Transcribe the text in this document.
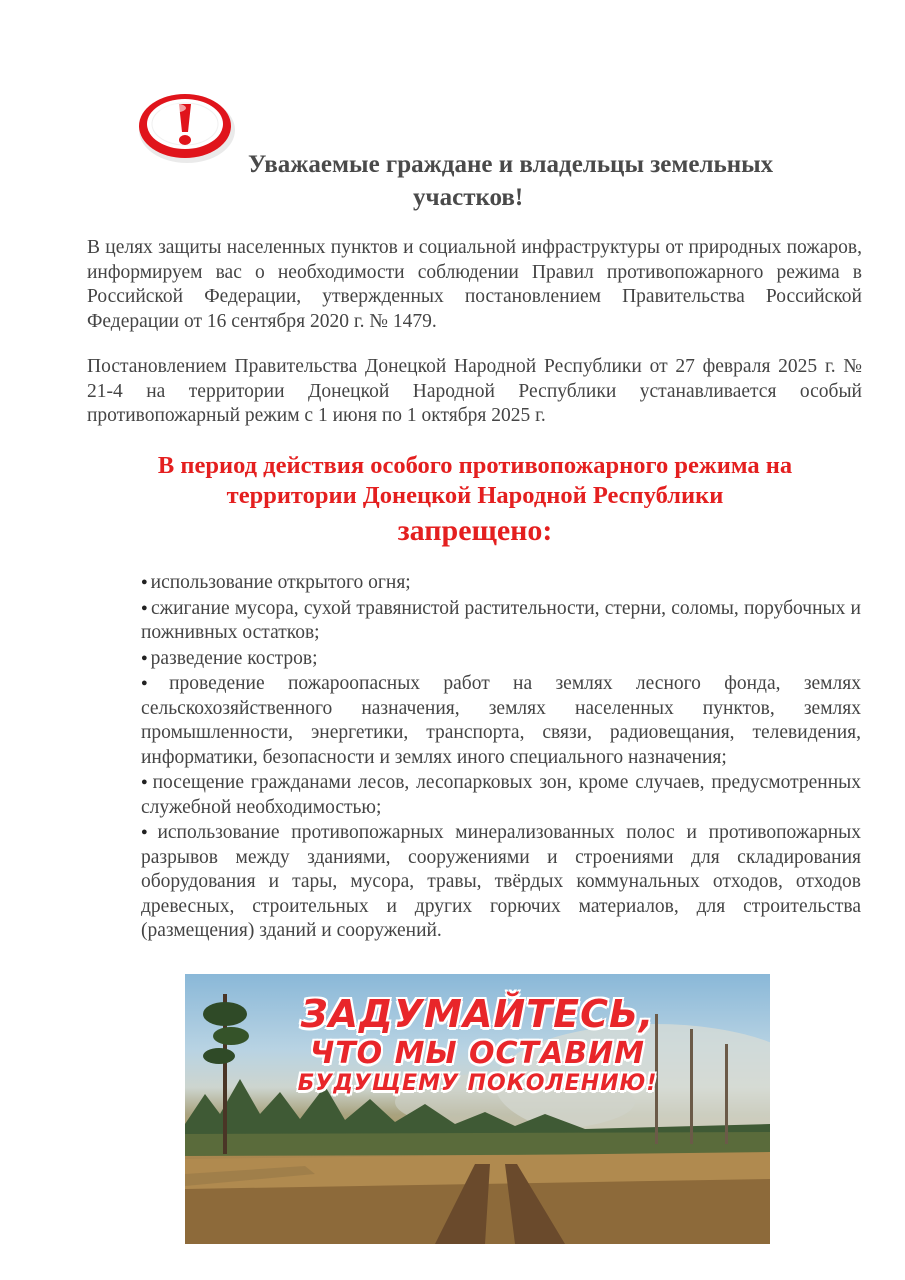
Уважаемые граждане и владельцы земельных
участков!
В целях защиты населенных пунктов и социальной инфраструктуры от природных пожаров, информируем вас о необходимости соблюдении Правил противопожарного режима в Российской Федерации, утвержденных постановлением Правительства Российской Федерации от 16 сентября 2020 г. № 1479.
Постановлением Правительства Донецкой Народной Республики от 27 февраля 2025 г. № 21-4 на территории Донецкой Народной Республики устанавливается особый противопожарный режим с 1 июня по 1 октября 2025 г.
В период действия особого противопожарного режима на
территории Донецкой Народной Республики
запрещено:
● использование открытого огня;
● сжигание мусора, сухой травянистой растительности, стерни, соломы, порубочных и пожнивных остатков;
● разведение костров;
● проведение пожароопасных работ на землях лесного фонда, землях сельскохозяйственного назначения, землях населенных пунктов, землях промышленности, энергетики, транспорта, связи, радиовещания, телевидения, информатики, безопасности и землях иного специального назначения;
● посещение гражданами лесов, лесопарковых зон, кроме случаев, предусмотренных служебной необходимостью;
● использование противопожарных минерализованных полос и противопожарных разрывов между зданиями, сооружениями и строениями для складирования оборудования и тары, мусора, травы, твёрдых коммунальных отходов, отходов древесных, строительных и других горючих материалов, для строительства (размещения) зданий и сооружений.
ЗАДУМАЙТЕСЬ,
ЧТО МЫ ОСТАВИМ
БУДУЩЕМУ ПОКОЛЕНИЮ!
